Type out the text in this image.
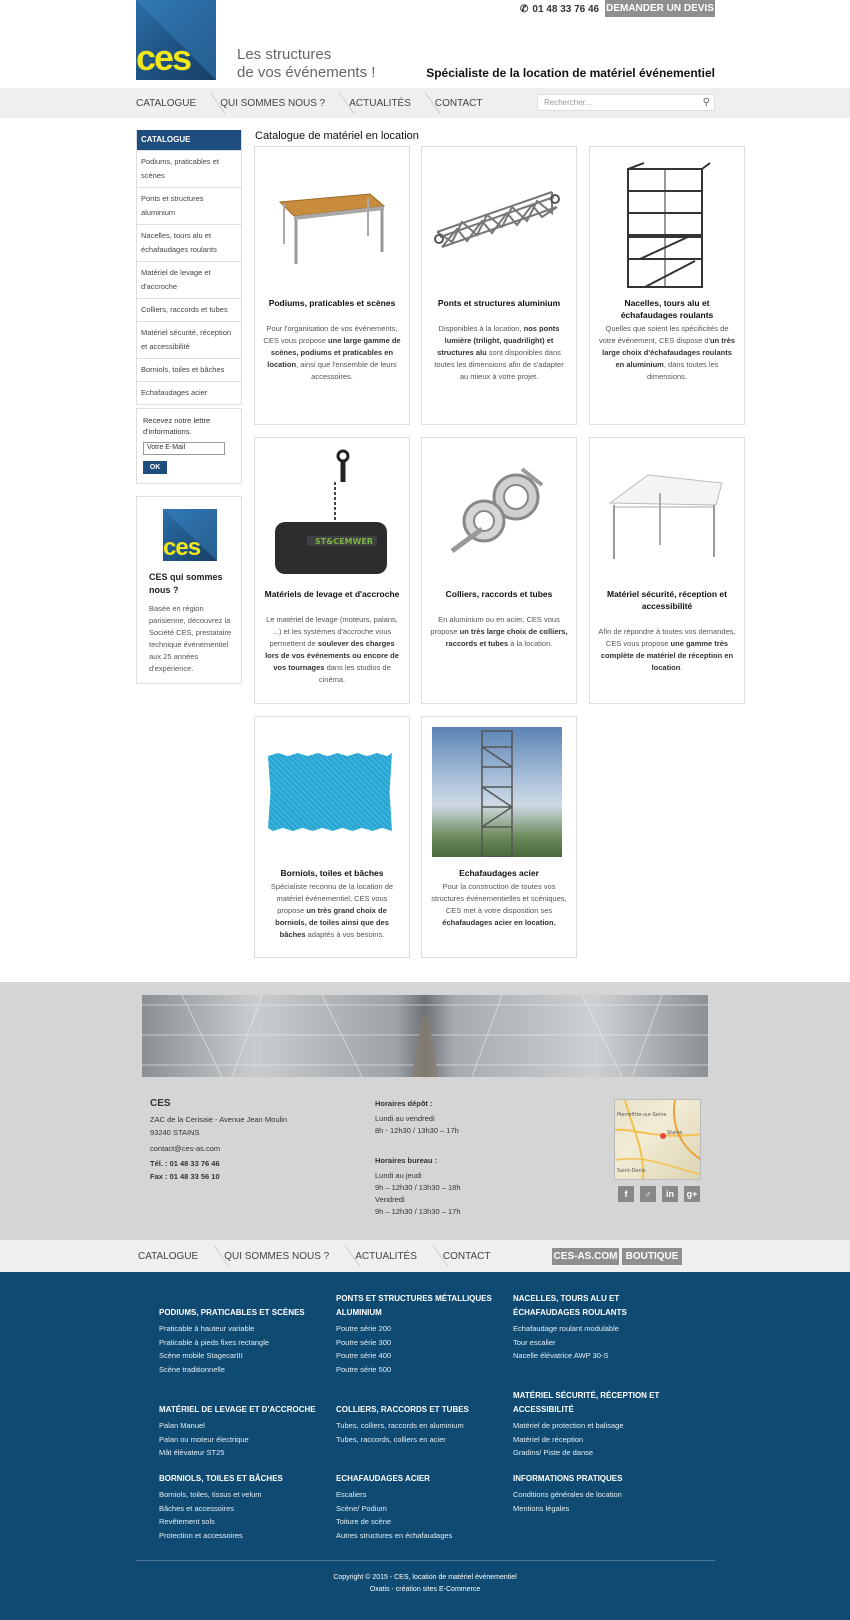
ces	Les structures
de vos événements !
✆ 01 48 33 76 46 DEMANDER UN DEVIS
Spécialiste de la location de matériel événementiel
CATALOGUE	QUI SOMMES NOUS ?	ACTUALITÉS	CONTACT	Rechercher...	⚲
CATALOGUE
Podiums, praticables et scènes
Ponts et structures aluminium
Nacelles, tours alu et échafaudages roulants
Matériel de levage et d'accroche
Colliers, raccords et tubes
Matériel sécurité, réception et accessibilité
Borniols, toiles et bâches
Echafaudages acier
Recevez notre lettre d'informations.
Votre E-Mail
OK
ces
CES qui sommes nous ?
Basée en région parisienne, découvrez la Société CES, prestataire technique événementiel aux 25 années d'expérience.
Catalogue de matériel en location
Podiums, praticables et scènes
Pour l'organisation de vos événements, CES vous propose une large gamme de scènes, podiums et praticables en location, ainsi que l'ensemble de leurs accessoires.
Ponts et structures aluminium
Disponibles à la location, nos ponts lumière (trilight, quadrilight) et structures alu sont disponibles dans toutes les dimensions afin de s'adapter au mieux à votre projet.
Nacelles, tours alu et échafaudages roulants
Quelles que soient les spécificités de votre événement, CES dispose d'un très large choix d'échafaudages roulants en aluminium, dans toutes les dimensions.
ST&CEMWER
Matériels de levage et d'accroche
Le matériel de levage (moteurs, palans, ...) et les systèmes d'accroche vous permettent de soulever des charges lors de vos événements ou encore de vos tournages dans les studios de cinéma.
Colliers, raccords et tubes
En aluminium ou en acier, CES vous propose un très large choix de colliers, raccords et tubes à la location.
Matériel sécurité, réception et accessibilité
Afin de répondre à toutes vos demandes, CES vous propose une gamme très complète de matériel de réception en location.
Borniols, toiles et bâches
Spécialiste reconnu de la location de matériel événementiel, CES vous propose un très grand choix de borniols, de toiles ainsi que des bâches adaptés à vos besoins.
Echafaudages acier
Pour la construction de toutes vos structures événementielles et scéniques, CES met à votre disposition ses échafaudages acier en location.
CES
ZAC de la Cerisaie - Avenue Jean Moulin
93240 STAINS
contact@ces-as.com
Tél. : 01 48 33 76 46
Fax : 01 48 33 56 10
Horaires dépôt :
Lundi au vendredi
8h - 12h30 / 13h30 – 17h
Horaires bureau :
Lundi au jeudi
9h – 12h30 / 13h30 – 18h
Vendredi
9h – 12h30 / 13h30 – 17h
Pierrefitte-sur-Seine
Stains
Saint-Denis
f	♂	in	g+
CATALOGUE	QUI SOMMES NOUS ?	ACTUALITÉS	CONTACT	CES-AS.COM BOUTIQUE
PODIUMS, PRATICABLES ET SCÈNES
Praticable à hauteur variable
Praticable à pieds fixes rectangle
Scène mobile StagecarIII
Scène traditionnelle
PONTS ET STRUCTURES MÉTALLIQUES ALUMINIUM
Poutre série 200
Poutre série 300
Poutre série 400
Poutre série 500
NACELLES, TOURS ALU ET ÉCHAFAUDAGES ROULANTS
Echafaudage roulant modulable
Tour escalier
Nacelle élévatrice AWP 30-S
MATÉRIEL DE LEVAGE ET D'ACCROCHE
Palan Manuel
Palan ou moteur électrique
Mât élévateur ST25
COLLIERS, RACCORDS ET TUBES
Tubes, colliers, raccords en aluminium
Tubes, raccords, colliers en acier
MATÉRIEL SÉCURITÉ, RÉCEPTION ET ACCESSIBILITÉ
Matériel de protection et balisage
Matériel de réception
Gradins/ Piste de danse
BORNIOLS, TOILES ET BÂCHES
Borniols, toiles, tissus et velum
Bâches et accessoires
Revêtement sols
Protection et accessoires
ECHAFAUDAGES ACIER
Escaliers
Scène/ Podium
Toiture de scène
Autres structures en échafaudages
INFORMATIONS PRATIQUES
Conditions générales de location
Mentions légales
Copyright © 2015 - CES, location de matériel événementiel
Oxatis - création sites E-Commerce
